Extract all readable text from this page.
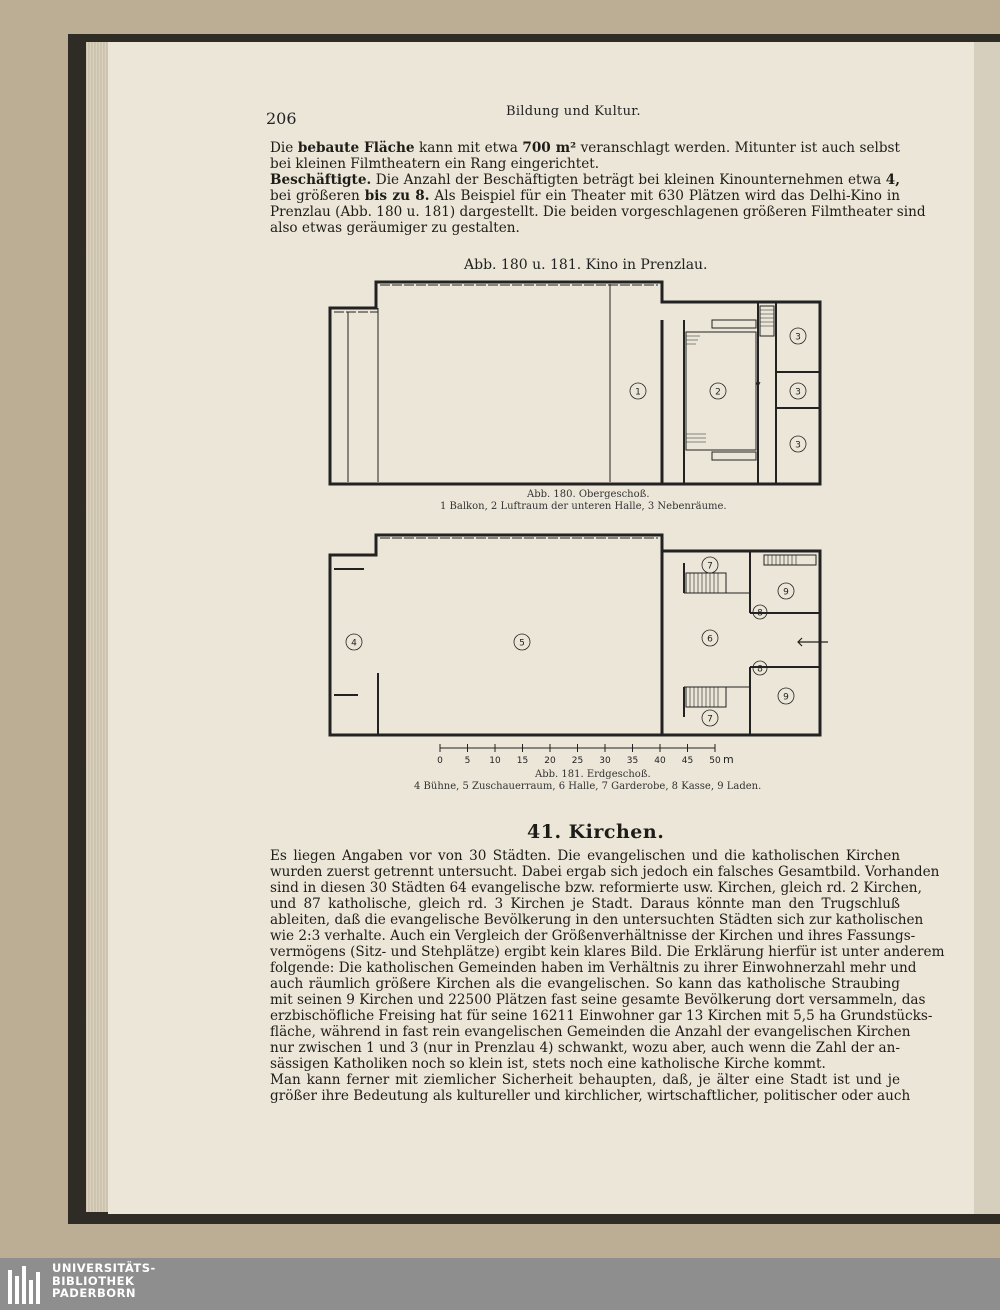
206	Bildung und Kultur.
Die bebaute Fläche kann mit etwa 700 m² veranschlagt werden. Mitunter ist auch selbst
bei kleinen Filmtheatern ein Rang eingerichtet.
Beschäftigte. Die Anzahl der Beschäftigten beträgt bei kleinen Kinounternehmen etwa 4,
bei größeren bis zu 8. Als Beispiel für ein Theater mit 630 Plätzen wird das Delhi-Kino in
Prenzlau (Abb. 180 u. 181) dargestellt. Die beiden vorgeschlagenen größeren Filmtheater sind
also etwas geräumiger zu gestalten.
Abb. 180 u. 181. Kino in Prenzlau.
1	2
3
3
3
Abb. 180. Obergeschoß.
1 Balkon, 2 Luftraum der unteren Halle, 3 Nebenräume.
4	5	6
7
7
8
8
9
9
0 5 10 15 20 25 30 35 40 45 50 m
Abb. 181. Erdgeschoß.
4 Bühne, 5 Zuschauerraum, 6 Halle, 7 Garderobe, 8 Kasse, 9 Laden.
41. Kirchen.
Es liegen Angaben vor von 30 Städten. Die evangelischen und die katholischen Kirchen
wurden zuerst getrennt untersucht. Dabei ergab sich jedoch ein falsches Gesamtbild. Vorhanden
sind in diesen 30 Städten 64 evangelische bzw. reformierte usw. Kirchen, gleich rd. 2 Kirchen,
und 87 katholische, gleich rd. 3 Kirchen je Stadt. Daraus könnte man den Trugschluß
ableiten, daß die evangelische Bevölkerung in den untersuchten Städten sich zur katholischen
wie 2:3 verhalte. Auch ein Vergleich der Größenverhältnisse der Kirchen und ihres Fassungs-
vermögens (Sitz- und Stehplätze) ergibt kein klares Bild. Die Erklärung hierfür ist unter anderem
folgende: Die katholischen Gemeinden haben im Verhältnis zu ihrer Einwohnerzahl mehr und
auch räumlich größere Kirchen als die evangelischen. So kann das katholische Straubing
mit seinen 9 Kirchen und 22500 Plätzen fast seine gesamte Bevölkerung dort versammeln, das
erzbischöfliche Freising hat für seine 16211 Einwohner gar 13 Kirchen mit 5,5 ha Grundstücks-
fläche, während in fast rein evangelischen Gemeinden die Anzahl der evangelischen Kirchen
nur zwischen 1 und 3 (nur in Prenzlau 4) schwankt, wozu aber, auch wenn die Zahl der an-
sässigen Katholiken noch so klein ist, stets noch eine katholische Kirche kommt.
Man kann ferner mit ziemlicher Sicherheit behaupten, daß, je älter eine Stadt ist und je
größer ihre Bedeutung als kultureller und kirchlicher, wirtschaftlicher, politischer oder auch
UNIVERSITÄTS-
BIBLIOTHEK
PADERBORN
